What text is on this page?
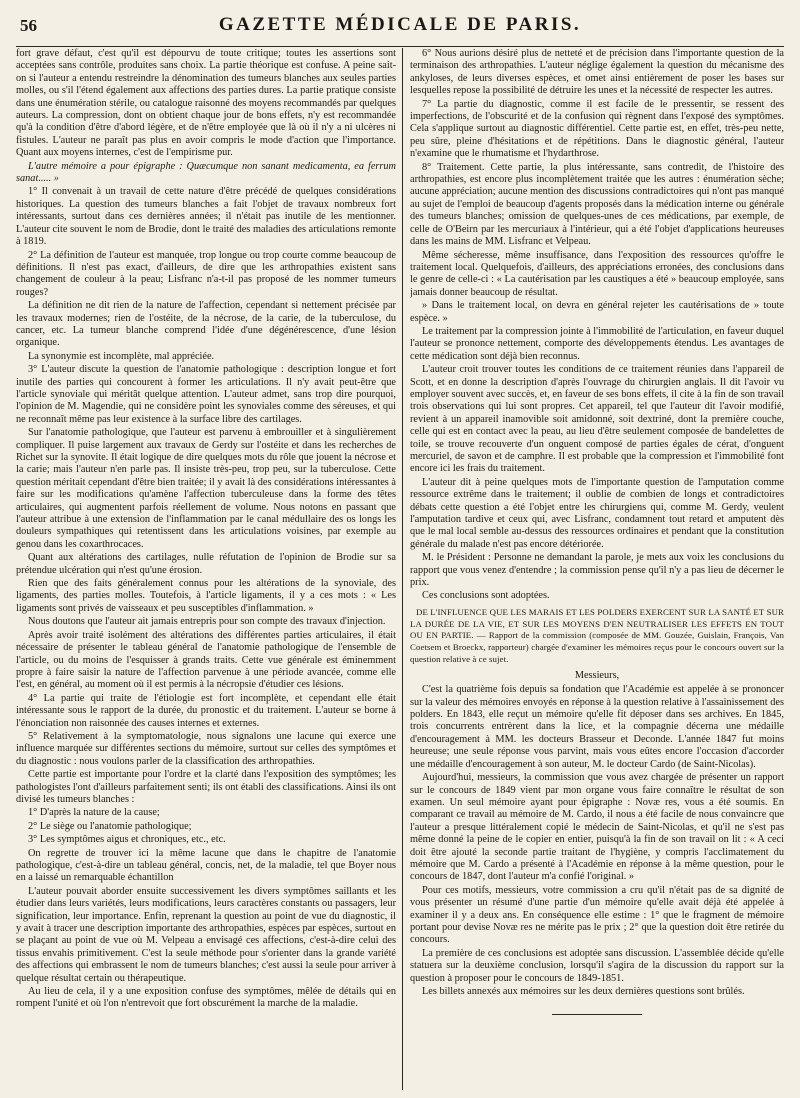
56	GAZETTE MÉDICALE DE PARIS.

fort grave défaut, c'est qu'il est dépourvu de toute critique; toutes les assertions sont acceptées sans contrôle, produites sans choix. La partie théorique est confuse. A peine sait-on si l'auteur a entendu restreindre la dénomination des tumeurs blanches aux seules parties molles, ou s'il l'étend également aux affections des parties dures. La partie pratique consiste dans une énumération stérile, ou catalogue raisonné des moyens recommandés par quelques auteurs. La compression, dont on obtient chaque jour de bons effets, n'y est recommandée qu'à la condition d'être d'abord légère, et de n'être employée que là où il n'y a ni ulcères ni fistules. L'auteur ne paraît pas plus en avoir compris le mode d'action que l'importance. Quant aux moyens internes, c'est de l'empirisme pur.

L'autre mémoire a pour épigraphe : Quæcumque non sanant medicamenta, ea ferrum sanat..... »

1° Il convenait à un travail de cette nature d'être précédé de quelques considérations historiques. La question des tumeurs blanches a fait l'objet de travaux nombreux fort intéressants, surtout dans ces dernières années; il n'était pas inutile de les mentionner. L'auteur cite souvent le nom de Brodie, dont le traité des maladies des articulations remonte à 1819.

2° La définition de l'auteur est manquée, trop longue ou trop courte comme beaucoup de définitions. Il n'est pas exact, d'ailleurs, de dire que les arthropathies existent sans changement de couleur à la peau; Lisfranc n'a-t-il pas proposé de les nommer tumeurs rouges?

La définition ne dit rien de la nature de l'affection, cependant si nettement précisée par les travaux modernes; rien de l'ostéite, de la nécrose, de la carie, de la tuberculose, du cancer, etc. La tumeur blanche comprend l'idée d'une dégénérescence, d'une lésion organique.

La synonymie est incomplète, mal appréciée.

3° L'auteur discute la question de l'anatomie pathologique : description longue et fort inutile des parties qui concourent à former les articulations. Il n'y avait peut-être que l'article synoviale qui méritât quelque attention. L'auteur admet, sans trop dire pourquoi, l'opinion de M. Magendie, qui ne considère point les synoviales comme des séreuses, et qui ne reconnaît même pas leur existence à la surface libre des cartilages.

Sur l'anatomie pathologique, que l'auteur est parvenu à embrouiller et à singulièrement compliquer. Il puise largement aux travaux de Gerdy sur l'ostéite et dans les recherches de Richet sur la synovite. Il était logique de dire quelques mots du rôle que jouent la nécrose et la carie; mais l'auteur n'en parle pas. Il insiste très-peu, trop peu, sur la tuberculose. Cette question méritait cependant d'être bien traitée; il y avait là des considérations intéressantes à faire sur les modifications qu'amène l'affection tuberculeuse dans la forme des têtes articulaires, qui augmentent parfois réellement de volume. Nous notons en passant que l'auteur attribue à une extension de l'inflammation par le canal médullaire des os longs les douleurs sympathiques qui retentissent dans les articulations voisines, par exemple au genou dans les coxarthrocaces.

Quant aux altérations des cartilages, nulle réfutation de l'opinion de Brodie sur sa prétendue ulcération qui n'est qu'une érosion.

Rien que des faits généralement connus pour les altérations de la synoviale, des ligaments, des parties molles. Toutefois, à l'article ligaments, il y a ces mots : « Les ligaments sont privés de vaisseaux et peu susceptibles d'inflammation. »

Nous doutons que l'auteur ait jamais entrepris pour son compte des travaux d'injection.

Après avoir traité isolément des altérations des différentes parties articulaires, il était nécessaire de présenter le tableau général de l'anatomie pathologique de l'ensemble de l'article, ou du moins de l'esquisser à grands traits. Cette vue générale est éminemment propre à faire saisir la nature de l'affection parvenue à une période avancée, comme elle l'est, en général, au moment où il est permis à la nécropsie d'étudier ces lésions.

4° La partie qui traite de l'étiologie est fort incomplète, et cependant elle était intéressante sous le rapport de la durée, du pronostic et du traitement. L'auteur se borne à l'énonciation non raisonnée des causes internes et externes.

5° Relativement à la symptomatologie, nous signalons une lacune qui exerce une influence marquée sur différentes sections du mémoire, surtout sur celles des symptômes et du diagnostic : nous voulons parler de la classification des arthropathies.

Cette partie est importante pour l'ordre et la clarté dans l'exposition des symptômes; les pathologistes l'ont d'ailleurs parfaitement senti; ils ont établi des classifications. Ainsi ils ont divisé les tumeurs blanches :

1° D'après la nature de la cause;

2° Le siège ou l'anatomie pathologique;

3° Les symptômes aigus et chroniques, etc., etc.

On regrette de trouver ici la même lacune que dans le chapitre de l'anatomie pathologique, c'est-à-dire un tableau général, concis, net, de la maladie, tel que Boyer nous en a laissé un remarquable échantillon

L'auteur pouvait aborder ensuite successivement les divers symptômes saillants et les étudier dans leurs variétés, leurs modifications, leurs caractères constants ou passagers, leur signification, leur importance. Enfin, reprenant la question au point de vue du diagnostic, il y avait à tracer une description importante des arthropathies, espèces par espèces, surtout en se plaçant au point de vue où M. Velpeau a envisagé ces affections, c'est-à-dire celui des tissus envahis primitivement. C'est la seule méthode pour s'orienter dans la grande variété des affections qui embrassent le nom de tumeurs blanches; c'est aussi la seule pour arriver à quelque résultat certain ou thérapeutique.

Au lieu de cela, il y a une exposition confuse des symptômes, mêlée de détails qui en rompent l'unité et où l'on n'entrevoit que fort obscurément la marche de la maladie.

6° Nous aurions désiré plus de netteté et de précision dans l'importante question de la terminaison des arthropathies. L'auteur néglige également la question du mécanisme des ankyloses, de leurs diverses espèces, et omet ainsi entièrement de poser les bases sur lesquelles repose la possibilité de détruire les unes et la nécessité de respecter les autres.

7° La partie du diagnostic, comme il est facile de le pressentir, se ressent des imperfections, de l'obscurité et de la confusion qui règnent dans l'exposé des symptômes. Cela s'applique surtout au diagnostic différentiel. Cette partie est, en effet, très-peu nette, peu sûre, pleine d'hésitations et de répétitions. Dans le diagnostic général, l'auteur n'examine que le rhumatisme et l'hydarthrose.

8° Traitement. Cette partie, la plus intéressante, sans contredit, de l'histoire des arthropathies, est encore plus incomplètement traitée que les autres : énumération sèche; aucune appréciation; aucune mention des discussions contradictoires qui n'ont pas manqué au sujet de l'emploi de beaucoup d'agents proposés dans la médication interne ou générale des tumeurs blanches; omission de quelques-unes de ces médications, par exemple, de celle de O'Beirn par les mercuriaux à l'intérieur, qui a été l'objet d'applications heureuses dans les mains de MM. Lisfranc et Velpeau.

Même sécheresse, même insuffisance, dans l'exposition des ressources qu'offre le traitement local. Quelquefois, d'ailleurs, des appréciations erronées, des conclusions dans le genre de celle-ci : « La cautérisation par les caustiques a été » beaucoup employée, sans jamais donner beaucoup de résultat.

» Dans le traitement local, on devra en général rejeter les cautérisations de » toute espèce. »

Le traitement par la compression jointe à l'immobilité de l'articulation, en faveur duquel l'auteur se prononce nettement, comporte des développements étendus. Les avantages de cette médication sont déjà bien reconnus.

L'auteur croit trouver toutes les conditions de ce traitement réunies dans l'appareil de Scott, et en donne la description d'après l'ouvrage du chirurgien anglais. Il dit l'avoir vu employer souvent avec succès, et, en faveur de ses bons effets, il cite à la fin de son travail trois observations qui lui sont propres. Cet appareil, tel que l'auteur dit l'avoir modifié, revient à un appareil inamovible soit amidonné, soit dextriné, dont la première couche, celle qui est en contact avec la peau, au lieu d'être seulement composée de bandelettes de toile, se trouve recouverte d'un onguent composé de parties égales de cérat, d'onguent mercuriel, de savon et de camphre. Il est probable que la compression et l'immobilité font encore ici les frais du traitement.

L'auteur dit à peine quelques mots de l'importante question de l'amputation comme ressource extrême dans le traitement; il oublie de combien de longs et contradictoires débats cette question a été l'objet entre les chirurgiens qui, comme M. Gerdy, veulent l'amputation tardive et ceux qui, avec Lisfranc, condamnent tout retard et amputent dès que le mal local semble au-dessus des ressources ordinaires et pendant que la constitution générale du malade n'est pas encore détériorée.

M. le Président : Personne ne demandant la parole, je mets aux voix les conclusions du rapport que vous venez d'entendre ; la commission pense qu'il n'y a pas lieu de décerner le prix.

Ces conclusions sont adoptées.

DE L'INFLUENCE QUE LES MARAIS ET LES POLDERS EXERCENT SUR LA SANTÉ ET SUR LA DURÉE DE LA VIE, ET SUR LES MOYENS D'EN NEUTRALISER LES EFFETS EN TOUT OU EN PARTIE. — Rapport de la commission (composée de MM. Gouzée, Guislain, François, Van Coetsem et Broeckx, rapporteur) chargée d'examiner les mémoires reçus pour le concours ouvert sur la question relative à ce sujet.

Messieurs,

C'est la quatrième fois depuis sa fondation que l'Académie est appelée à se prononcer sur la valeur des mémoires envoyés en réponse à la question relative à l'assainissement des polders. En 1843, elle reçut un mémoire qu'elle fit déposer dans ses archives. En 1845, trois concurrents entrèrent dans la lice, et la compagnie décerna une médaille d'encouragement à MM. les docteurs Brasseur et Deconde. L'année 1847 fut moins heureuse; une seule réponse vous parvint, mais vous eûtes encore l'occasion d'accorder une médaille d'encouragement à son auteur, M. le docteur Cardo (de Saint-Nicolas).

Aujourd'hui, messieurs, la commission que vous avez chargée de présenter un rapport sur le concours de 1849 vient par mon organe vous faire connaître le résultat de son examen. Un seul mémoire ayant pour épigraphe : Novæ res, vous a été soumis. En comparant ce travail au mémoire de M. Cardo, il nous a été facile de nous convaincre que l'auteur a presque littéralement copié le médecin de Saint-Nicolas, et qu'il ne s'est pas même donné la peine de le copier en entier, puisqu'à la fin de son travail on lit : « A ceci doit être ajouté la seconde partie traitant de l'hygiène, y compris l'acclimatement du mémoire que M. Cardo a présenté à l'Académie en réponse à la même question, pour le concours de 1847, dont l'auteur m'a confié l'original. »

Pour ces motifs, messieurs, votre commission a cru qu'il n'était pas de sa dignité de vous présenter un résumé d'une partie d'un mémoire qu'elle avait déjà été appelée à examiner il y a deux ans. En conséquence elle estime : 1° que le fragment de mémoire portant pour devise Novæ res ne mérite pas le prix ; 2° que la question doit être retirée du concours.

La première de ces conclusions est adoptée sans discussion. L'assemblée décide qu'elle statuera sur la deuxième conclusion, lorsqu'il s'agira de la discussion du rapport sur la question à proposer pour le concours de 1849-1851.

Les billets annexés aux mémoires sur les deux dernières questions sont brûlés.
